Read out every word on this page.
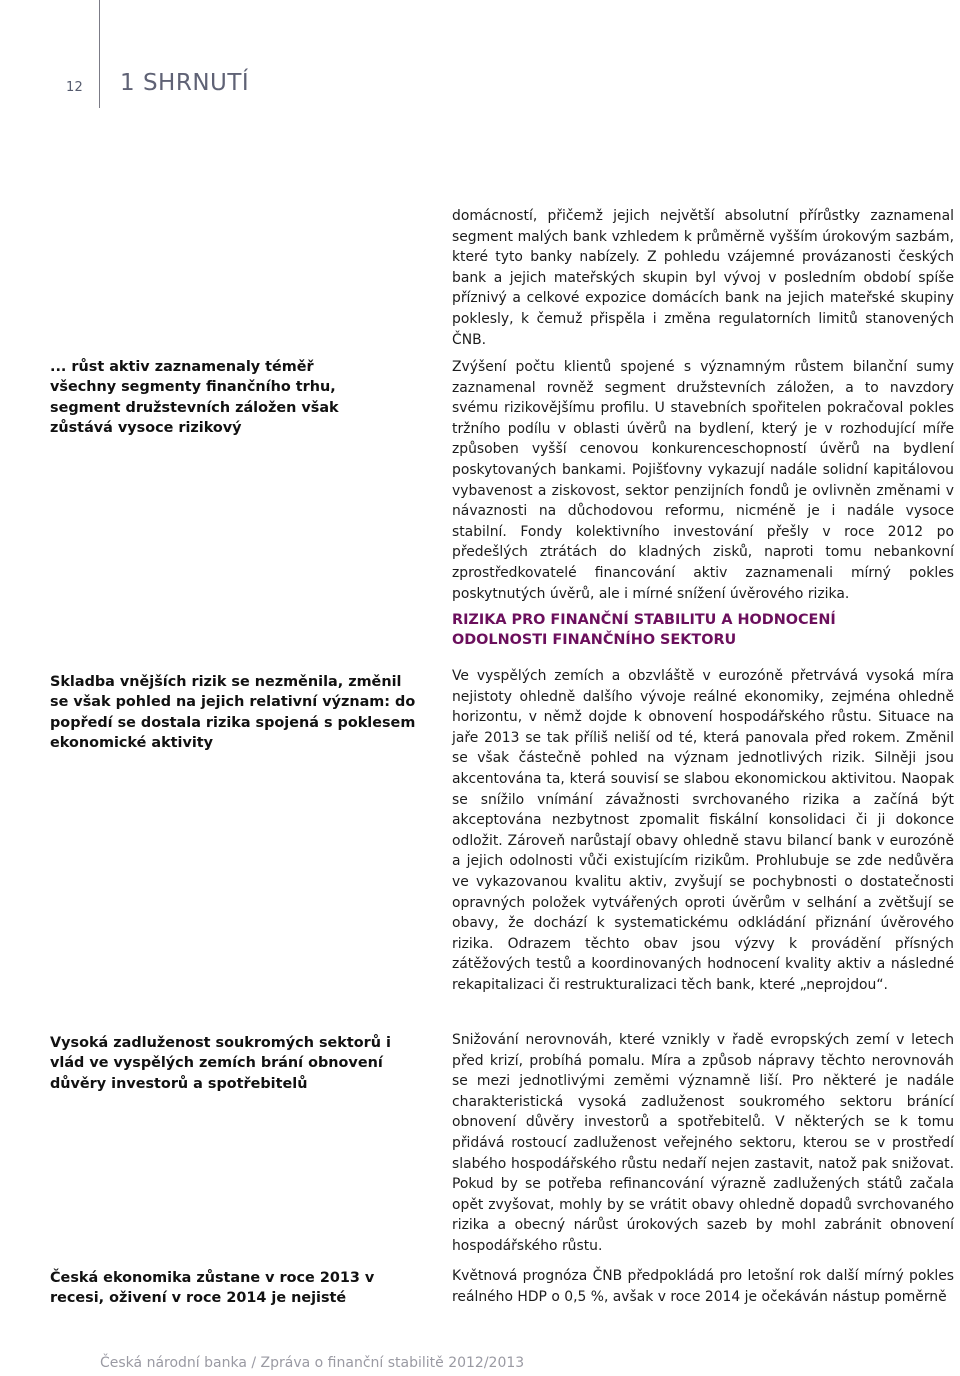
12 1 SHRNUTÍ

domácností, přičemž jejich největší absolutní přírůstky zaznamenal segment malých bank vzhledem k průměrně vyšším úrokovým sazbám, které tyto banky nabízely. Z pohledu vzájemné provázanosti českých bank a jejich mateřských skupin byl vývoj v posledním období spíše příznivý a celkové expozice domácích bank na jejich mateřské skupiny poklesly, k čemuž přispěla i změna regulatorních limitů stanovených ČNB.

... růst aktiv zaznamenaly téměř všechny segmenty finančního trhu, segment družstevních záložen však zůstává vysoce rizikový

Zvýšení počtu klientů spojené s významným růstem bilanční sumy zaznamenal rovněž segment družstevních záložen, a to navzdory svému rizikovějšímu profilu. U stavebních spořitelen pokračoval pokles tržního podílu v oblasti úvěrů na bydlení, který je v rozhodující míře způsoben vyšší cenovou konkurenceschopností úvěrů na bydlení poskytovaných bankami. Pojišťovny vykazují nadále solidní kapitálovou vybavenost a ziskovost, sektor penzijních fondů je ovlivněn změnami v návaznosti na důchodovou reformu, nicméně je i nadále vysoce stabilní. Fondy kolektivního investování přešly v roce 2012 po předešlých ztrátách do kladných zisků, naproti tomu nebankovní zprostředkovatelé financování aktiv zaznamenali mírný pokles poskytnutých úvěrů, ale i mírné snížení úvěrového rizika.

RIZIKA PRO FINANČNÍ STABILITU A HODNOCENÍ ODOLNOSTI FINANČNÍHO SEKTORU

Skladba vnějších rizik se nezměnila, změnil se však pohled na jejich relativní význam: do popředí se dostala rizika spojená s poklesem ekonomické aktivity

Ve vyspělých zemích a obzvláště v eurozóně přetrvává vysoká míra nejistoty ohledně dalšího vývoje reálné ekonomiky, zejména ohledně horizontu, v němž dojde k obnovení hospodářského růstu. Situace na jaře 2013 se tak příliš neliší od té, která panovala před rokem. Změnil se však částečně pohled na význam jednotlivých rizik. Silněji jsou akcentována ta, která souvisí se slabou ekonomickou aktivitou. Naopak se snížilo vnímání závažnosti svrchovaného rizika a začíná být akceptována nezbytnost zpomalit fiskální konsolidaci či ji dokonce odložit. Zároveň narůstají obavy ohledně stavu bilancí bank v eurozóně a jejich odolnosti vůči existujícím rizikům. Prohlubuje se zde nedůvěra ve vykazovanou kvalitu aktiv, zvyšují se pochybnosti o dostatečnosti opravných položek vytvářených oproti úvěrům v selhání a zvětšují se obavy, že dochází k systematickému odkládání přiznání úvěrového rizika. Odrazem těchto obav jsou výzvy k provádění přísných zátěžových testů a koordinovaných hodnocení kvality aktiv a následné rekapitalizaci či restrukturalizaci těch bank, které „neprojdou“.

Vysoká zadluženost soukromých sektorů i vlád ve vyspělých zemích brání obnovení důvěry investorů a spotřebitelů

Snižování nerovnováh, které vznikly v řadě evropských zemí v letech před krizí, probíhá pomalu. Míra a způsob nápravy těchto nerovnováh se mezi jednotlivými zeměmi významně liší. Pro některé je nadále charakteristická vysoká zadluženost soukromého sektoru bránící obnovení důvěry investorů a spotřebitelů. V některých se k tomu přidává rostoucí zadluženost veřejného sektoru, kterou se v prostředí slabého hospodářského růstu nedaří nejen zastavit, natož pak snižovat. Pokud by se potřeba refinancování výrazně zadlužených států začala opět zvyšovat, mohly by se vrátit obavy ohledně dopadů svrchovaného rizika a obecný nárůst úrokových sazeb by mohl zabránit obnovení hospodářského růstu.

Česká ekonomika zůstane v roce 2013 v recesi, oživení v roce 2014 je nejisté

Květnová prognóza ČNB předpokládá pro letošní rok další mírný pokles reálného HDP o 0,5 %, avšak v roce 2014 je očekáván nástup poměrně

Česká národní banka / Zpráva o finanční stabilitě 2012/2013
